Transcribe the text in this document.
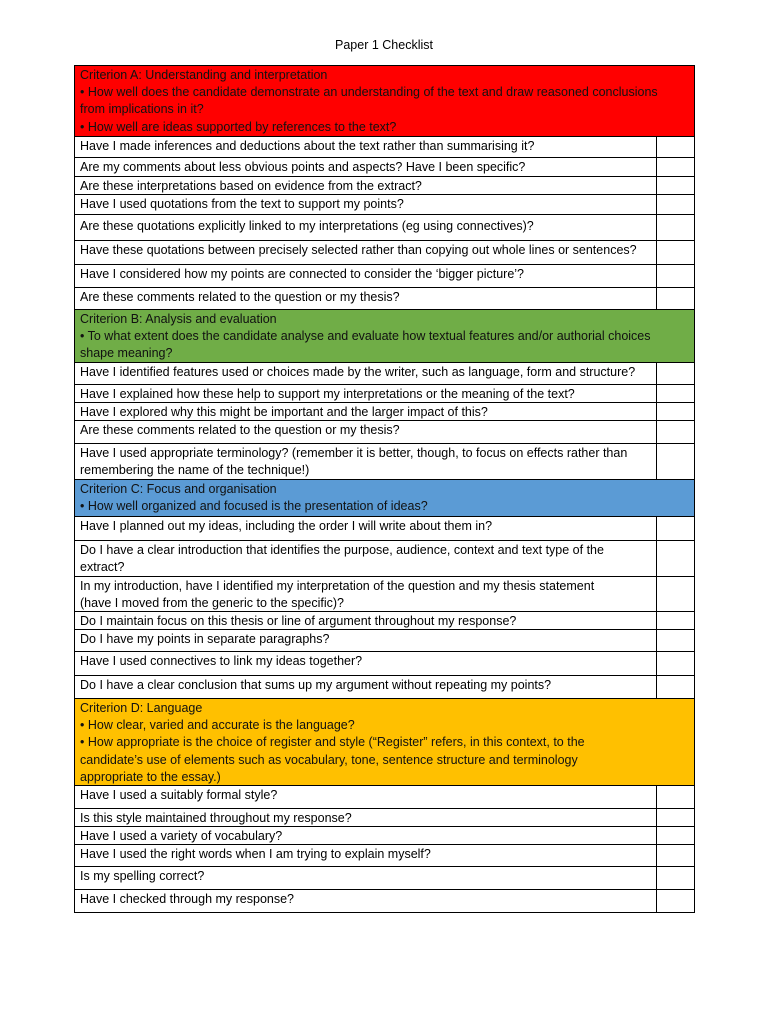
Paper 1 Checklist
Criterion A: Understanding and interpretation
• How well does the candidate demonstrate an understanding of the text and draw reasoned conclusions
from implications in it?
• How well are ideas supported by references to the text?
Have I made inferences and deductions about the text rather than summarising it?
Are my comments about less obvious points and aspects? Have I been specific?
Are these interpretations based on evidence from the extract?
Have I used quotations from the text to support my points?
Are these quotations explicitly linked to my interpretations (eg using connectives)?
Have these quotations between precisely selected rather than copying out whole lines or sentences?
Have I considered how my points are connected to consider the ‘bigger picture’?
Are these comments related to the question or my thesis?
Criterion B: Analysis and evaluation
• To what extent does the candidate analyse and evaluate how textual features and/or authorial choices
shape meaning?
Have I identified features used or choices made by the writer, such as language, form and structure?
Have I explained how these help to support my interpretations or the meaning of the text?
Have I explored why this might be important and the larger impact of this?
Are these comments related to the question or my thesis?
Have I used appropriate terminology? (remember it is better, though, to focus on effects rather than
remembering the name of the technique!)
Criterion C: Focus and organisation
• How well organized and focused is the presentation of ideas?
Have I planned out my ideas, including the order I will write about them in?
Do I have a clear introduction that identifies the purpose, audience, context and text type of the
extract?
In my introduction, have I identified my interpretation of the question and my thesis statement
(have I moved from the generic to the specific)?
Do I maintain focus on this thesis or line of argument throughout my response?
Do I have my points in separate paragraphs?
Have I used connectives to link my ideas together?
Do I have a clear conclusion that sums up my argument without repeating my points?
Criterion D: Language
• How clear, varied and accurate is the language?
• How appropriate is the choice of register and style (“Register” refers, in this context, to the
candidate’s use of elements such as vocabulary, tone, sentence structure and terminology
appropriate to the essay.)
Have I used a suitably formal style?
Is this style maintained throughout my response?
Have I used a variety of vocabulary?
Have I used the right words when I am trying to explain myself?
Is my spelling correct?
Have I checked through my response?
